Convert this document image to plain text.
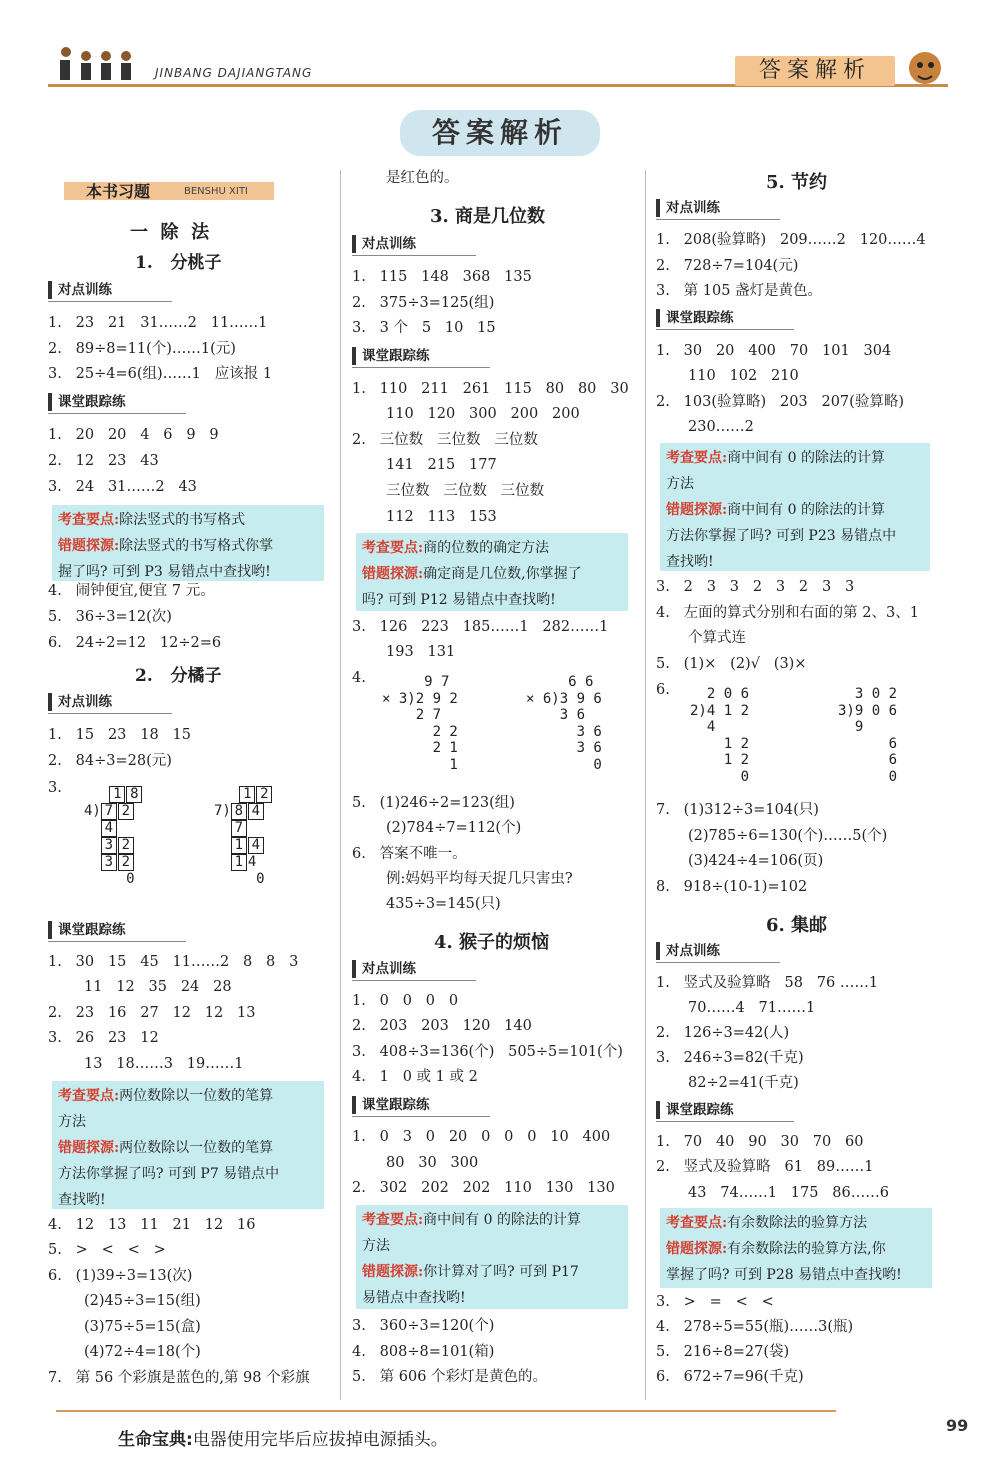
JINBANG DAJIANGTANG	答案解析
答案解析
本书习题	BENSHU XITI
一  除  法
1.   分桃子
对点训练
1.   23   21   31……2   11……1
2.   89÷8=11(个)……1(元)
3.   25÷4=6(组)……1   应该报 1
课堂跟踪练
1.   20   20   4   6   9   9
2.   12   23   43
3.   24   31……2   43
考查要点:除法竖式的书写格式
错题探源:除法竖式的书写格式你掌
握了吗? 可到 P3 易错点中查找哟!
4.   闹钟便宜,便宜 7 元。
5.   36÷3=12(次)
6.   24÷2=12   12÷2=6
2.   分橘子
对点训练
1.   15   23   18   15
2.   84÷3=28(元)
3.	1 8
4) 7 2
4
3 2
3 2
0
1 2
7) 8 4
7
1 4
1 4
0
课堂跟踪练
1.   30   15   45   11……2   8   8   3
11   12   35   24   28
2.   23   16   27   12   12   13
3.   26   23   12
13   18……3   19……1
考查要点:两位数除以一位数的笔算
方法
错题探源:两位数除以一位数的笔算
方法你掌握了吗? 可到 P7 易错点中
查找哟!
4.   12   13   11   21   12   16
5.   >   <   <   >
6.   (1)39÷3=13(次)
(2)45÷3=15(组)
(3)75÷5=15(盒)
(4)72÷4=18(个)
7.   第 56 个彩旗是蓝色的,第 98 个彩旗
是红色的。
3. 商是几位数
对点训练
1.   115   148   368   135
2.   375÷3=125(组)
3.   3 个   5   10   15
课堂跟踪练
1.   110   211   261   115   80   80   30
110   120   300   200   200
2.   三位数   三位数   三位数
141   215   177
三位数   三位数   三位数
112   113   153
考查要点:商的位数的确定方法
错题探源:确定商是几位数,你掌握了
吗? 可到 P12 易错点中查找哟!
3.   126   223   185……1   282……1
193   131
4.	9 7
× 3)2 9 2
2 7
2 2
2 1
1
6 6
× 6)3 9 6
3 6
3 6
3 6
0
5.   (1)246÷2=123(组)
(2)784÷7=112(个)
6.   答案不唯一。
例:妈妈平均每天捉几只害虫?
435÷3=145(只)
4. 猴子的烦恼
对点训练
1.   0   0   0   0
2.   203   203   120   140
3.   408÷3=136(个)   505÷5=101(个)
4.   1   0 或 1 或 2
课堂跟踪练
1.   0   3   0   20   0   0   0   10   400
80   30   300
2.   302   202   202   110   130   130
考查要点:商中间有 0 的除法的计算
方法
错题探源:你计算对了吗? 可到 P17
易错点中查找哟!
3.   360÷3=120(个)
4.   808÷8=101(箱)
5.   第 606 个彩灯是黄色的。
5. 节约
对点训练
1.   208(验算略)   209……2   120……4
2.   728÷7=104(元)
3.   第 105 盏灯是黄色。
课堂跟踪练
1.   30   20   400   70   101   304
110   102   210
2.   103(验算略)   203   207(验算略)
230……2
考查要点:商中间有 0 的除法的计算
方法
错题探源:商中间有 0 的除法的计算
方法你掌握了吗? 可到 P23 易错点中
查找哟!
3.   2   3   3   2   3   2   3   3
4.   左面的算式分别和右面的第 2、3、1
个算式连
5.   (1)×   (2)√   (3)×
6.	2 0 6
2)4 1 2
4
1 2
1 2
0
3 0 2
3)9 0 6
9
6
6
0
7.   (1)312÷3=104(只)
(2)785÷6=130(个)……5(个)
(3)424÷4=106(页)
8.   918÷(10-1)=102
6. 集邮
对点训练
1.   竖式及验算略   58   76 ……1
70……4   71……1
2.   126÷3=42(人)
3.   246÷3=82(千克)
82÷2=41(千克)
课堂跟踪练
1.   70   40   90   30   70   60
2.   竖式及验算略   61   89……1
43   74……1   175   86……6
考查要点:有余数除法的验算方法
错题探源:有余数除法的验算方法,你
掌握了吗? 可到 P28 易错点中查找哟!
3.   >   =   <   <
4.   278÷5=55(瓶)……3(瓶)
5.   216÷8=27(袋)
6.   672÷7=96(千克)
生命宝典:电器使用完毕后应拔掉电源插头。
99
